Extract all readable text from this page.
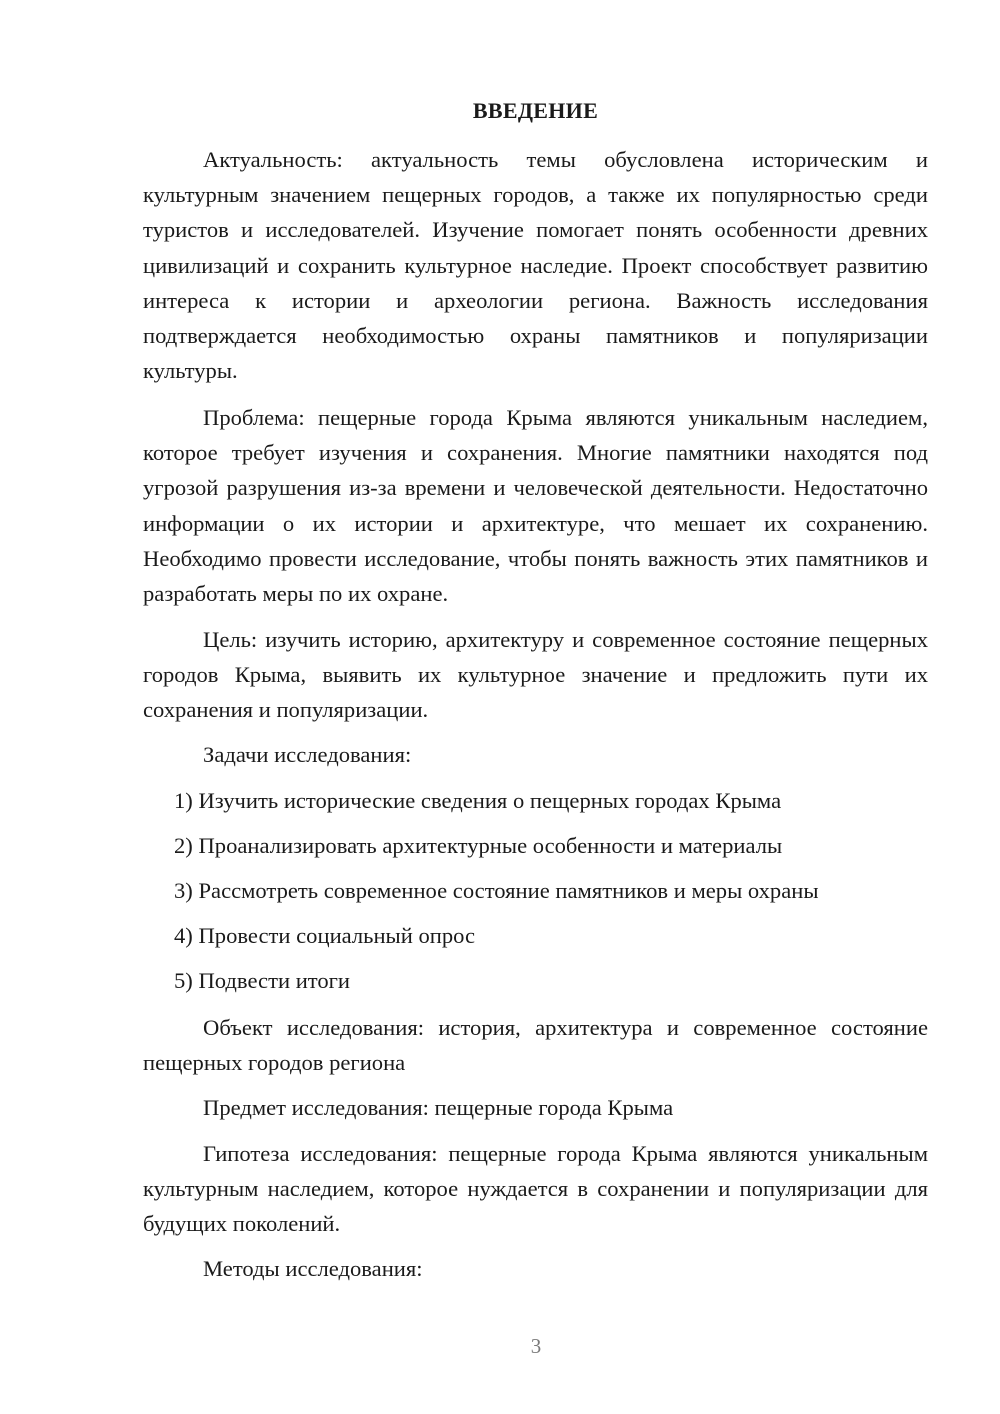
ВВЕДЕНИЕ

Актуальность: актуальность темы обусловлена историческим и культурным значением пещерных городов, а также их популярностью среди туристов и исследователей. Изучение помогает понять особенности древних цивилизаций и сохранить культурное наследие. Проект способствует развитию интереса к истории и археологии региона. Важность исследования подтверждается необходимостью охраны памятников и популяризации культуры.

Проблема: пещерные города Крыма являются уникальным наследием, которое требует изучения и сохранения. Многие памятники находятся под угрозой разрушения из-за времени и человеческой деятельности. Недостаточно информации о их истории и архитектуре, что мешает их сохранению. Необходимо провести исследование, чтобы понять важность этих памятников и разработать меры по их охране.

Цель: изучить историю, архитектуру и современное состояние пещерных городов Крыма, выявить их культурное значение и предложить пути их сохранения и популяризации.

Задачи исследования:

1) Изучить исторические сведения о пещерных городах Крыма

2) Проанализировать архитектурные особенности и материалы

3) Рассмотреть современное состояние памятников и меры охраны

4) Провести социальный опрос

5) Подвести итоги

Объект исследования: история, архитектура и современное состояние пещерных городов региона

Предмет исследования: пещерные города Крыма

Гипотеза исследования: пещерные города Крыма являются уникальным культурным наследием, которое нуждается в сохранении и популяризации для будущих поколений.

Методы исследования:

3
